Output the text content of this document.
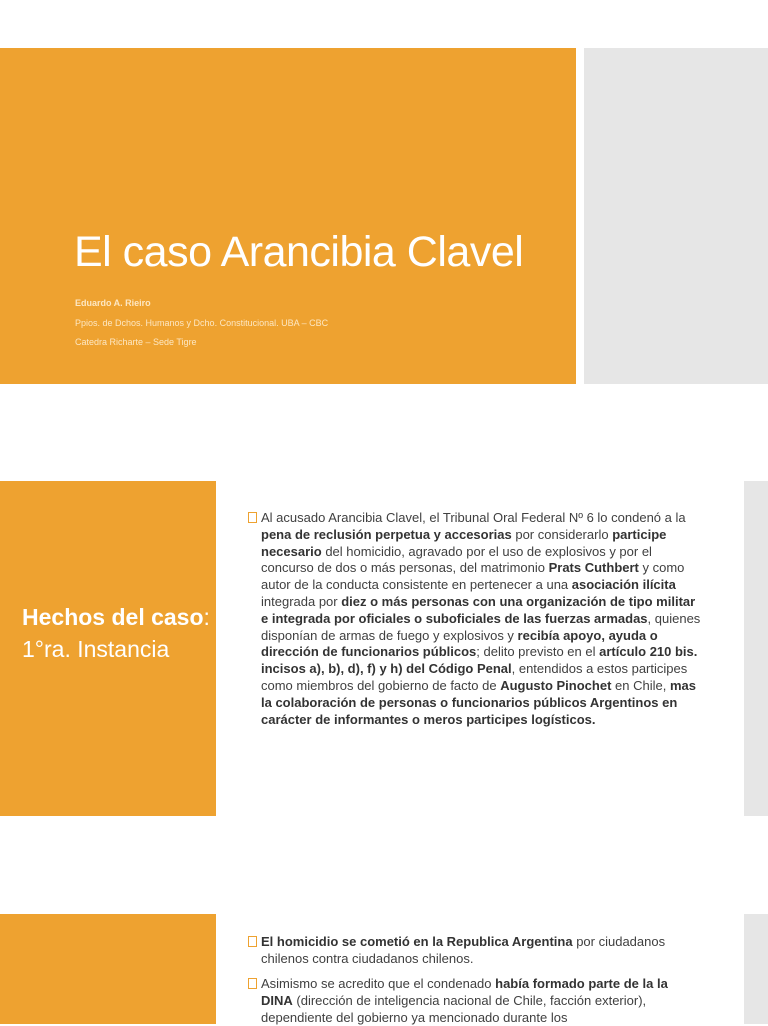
El caso Arancibia Clavel
Eduardo A. Rieiro
Ppios. de Dchos. Humanos y Dcho. Constitucional. UBA – CBC
Catedra Richarte – Sede Tigre
Hechos del caso:
1°ra. Instancia
Al acusado Arancibia Clavel, el Tribunal Oral Federal Nº 6 lo condenó a la pena de reclusión perpetua y accesorias por considerarlo participe necesario del homicidio, agravado por el uso de explosivos y por el concurso de dos o más personas, del matrimonio Prats Cuthbert y como autor de la conducta consistente en pertenecer a una asociación ilícita integrada por diez o más personas con una organización de tipo militar e integrada por oficiales o suboficiales de las fuerzas armadas, quienes disponían de armas de fuego y explosivos y recibía apoyo, ayuda o dirección de funcionarios públicos; delito previsto en el artículo 210 bis. incisos a), b), d), f) y h) del Código Penal, entendidos a estos participes como miembros del gobierno de facto de Augusto Pinochet en Chile, mas la colaboración de personas o funcionarios públicos Argentinos en carácter de informantes o meros participes logísticos.
El homicidio se cometió en la Republica Argentina por ciudadanos chilenos contra ciudadanos chilenos.
Asimismo se acredito que el condenado había formado parte de la la DINA (dirección de inteligencia nacional de Chile, facción exterior), dependiente del gobierno ya mencionado durante los
